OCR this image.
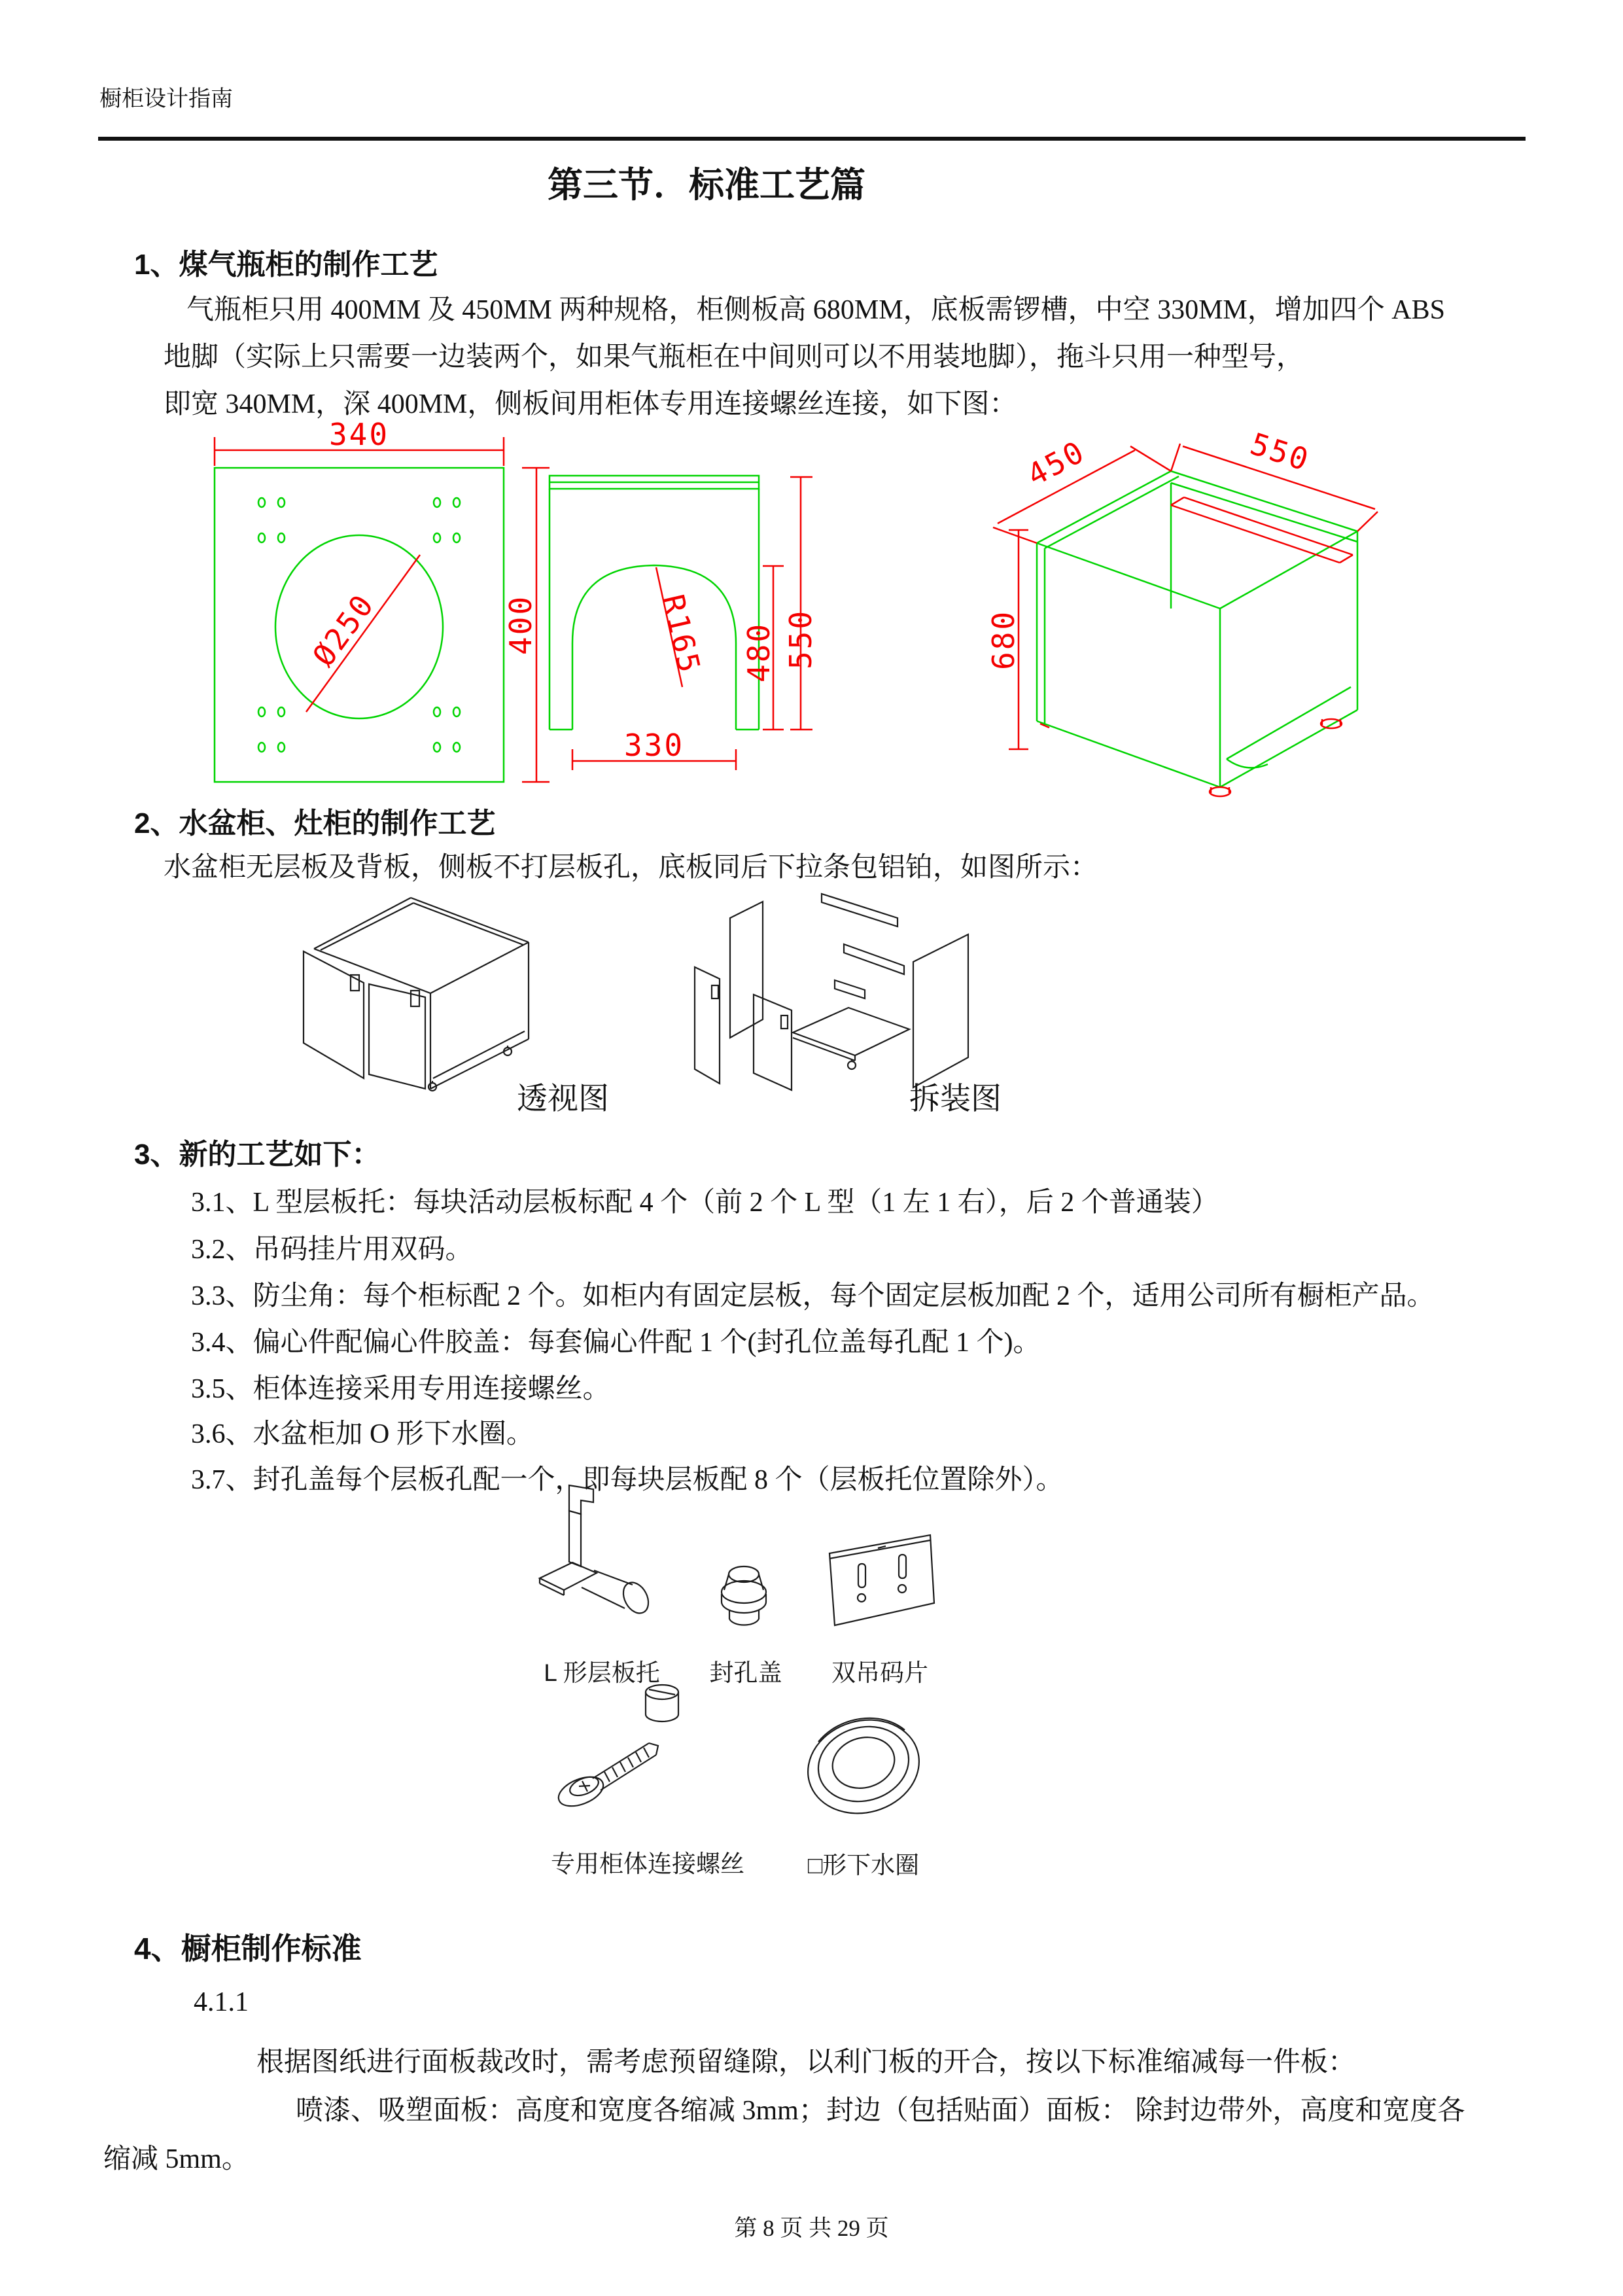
橱柜设计指南
第三节．标准工艺篇
1、煤气瓶柜的制作工艺
气瓶柜只用 400MM 及 450MM 两种规格，柜侧板高 680MM，底板需锣槽，中空 330MM，增加四个 ABS
地脚（实际上只需要一边装两个，如果气瓶柜在中间则可以不用装地脚），拖斗只用一种型号，
即宽 340MM，深 400MM，侧板间用柜体专用连接螺丝连接，如下图：
340
Ø250	400	R165 480 550
330
450	550
680
2、水盆柜、灶柜的制作工艺
水盆柜无层板及背板，侧板不打层板孔，底板同后下拉条包铝铂，如图所示：
透视图	拆装图
3、新的工艺如下：
3.1、L 型层板托：每块活动层板标配 4 个（前 2 个 L 型（1 左 1 右），后 2 个普通装）
3.2、吊码挂片用双码。
3.3、防尘角：每个柜标配 2 个。如柜内有固定层板，每个固定层板加配 2 个，适用公司所有橱柜产品。
3.4、偏心件配偏心件胶盖：每套偏心件配 1 个(封孔位盖每孔配 1 个)。
3.5、柜体连接采用专用连接螺丝。
3.6、水盆柜加 O 形下水圈。
3.7、封孔盖每个层板孔配一个，即每块层板配 8 个（层板托位置除外）。
L 形层板托	封孔盖	双吊码片
专用柜体连接螺丝	□形下水圈
4、橱柜制作标准
4.1.1
根据图纸进行面板裁改时，需考虑预留缝隙，以利门板的开合，按以下标准缩减每一件板：
喷漆、吸塑面板：高度和宽度各缩减 3mm；封边（包括贴面）面板： 除封边带外，高度和宽度各
缩减 5mm。
第 8 页 共 29 页
